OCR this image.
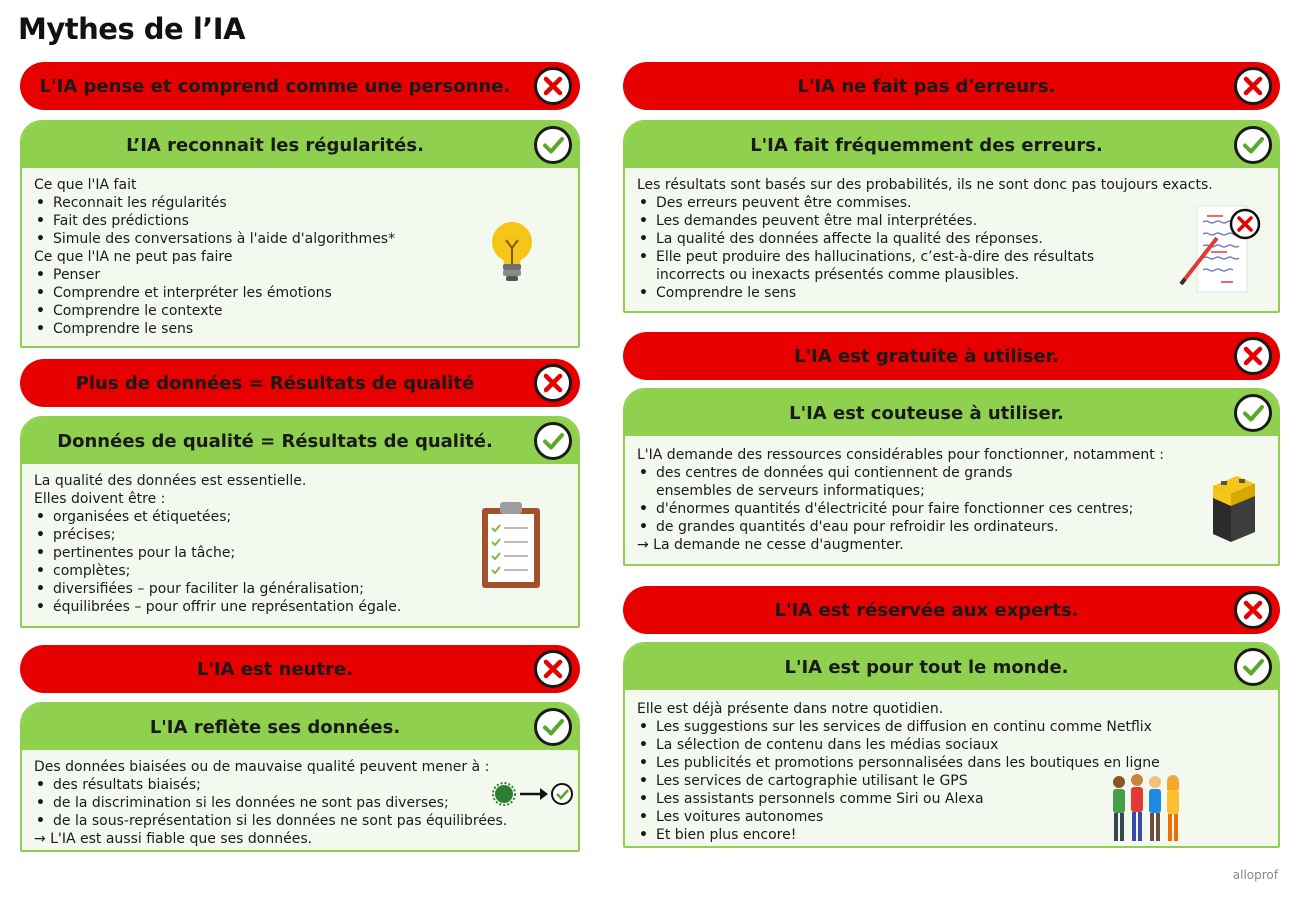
Mythes de l’IA
L'IA pense et comprend comme une personne.
L’IA reconnait les régularités.
Ce que l'IA fait
• Reconnait les régularités
• Fait des prédictions
• Simule des conversations à l'aide d'algorithmes*
Ce que l'IA ne peut pas faire
• Penser
• Comprendre et interpréter les émotions
• Comprendre le contexte
• Comprendre le sens
Plus de données = Résultats de qualité
Données de qualité = Résultats de qualité.
La qualité des données est essentielle.
Elles doivent être :
• organisées et étiquetées;
• précises;
• pertinentes pour la tâche;
• complètes;
• diversifiées – pour faciliter la généralisation;
• équilibrées – pour offrir une représentation égale.
L'IA est neutre.
L'IA reflète ses données.
Des données biaisées ou de mauvaise qualité peuvent mener à :
• des résultats biaisés;
• de la discrimination si les données ne sont pas diverses;
• de la sous-représentation si les données ne sont pas équilibrées.
→ L'IA est aussi fiable que ses données.
L'IA ne fait pas d'erreurs.
L'IA fait fréquemment des erreurs.
Les résultats sont basés sur des probabilités, ils ne sont donc pas toujours exacts.
• Des erreurs peuvent être commises.
• Les demandes peuvent être mal interprétées.
• La qualité des données affecte la qualité des réponses.
• Elle peut produire des hallucinations, c’est-à-dire des résultats
incorrects ou inexacts présentés comme plausibles.
• Comprendre le sens
L'IA est gratuite à utiliser.
L'IA est couteuse à utiliser.
L'IA demande des ressources considérables pour fonctionner, notamment :
• des centres de données qui contiennent de grands
ensembles de serveurs informatiques;
• d'énormes quantités d'électricité pour faire fonctionner ces centres;
• de grandes quantités d'eau pour refroidir les ordinateurs.
→ La demande ne cesse d'augmenter.
L'IA est réservée aux experts.
L'IA est pour tout le monde.
Elle est déjà présente dans notre quotidien.
• Les suggestions sur les services de diffusion en continu comme Netflix
• La sélection de contenu dans les médias sociaux
• Les publicités et promotions personnalisées dans les boutiques en ligne
• Les services de cartographie utilisant le GPS
• Les assistants personnels comme Siri ou Alexa
• Les voitures autonomes
• Et bien plus encore!
alloprof
